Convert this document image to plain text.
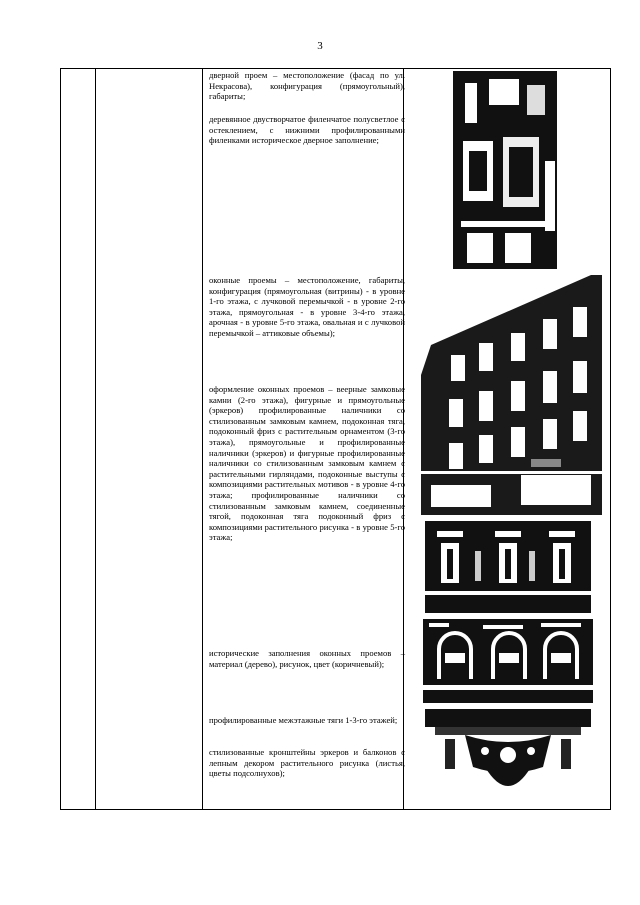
3
дверной проем – местоположение (фасад по ул. Некрасова), конфигурация (прямоугольный), габариты;
деревянное двустворчатое филенчатое полусветлое с остеклением, с нижними профилированными филенками историческое дверное заполнение;
оконные проемы – местоположение, габариты, конфигурация (прямоугольная (витрины) - в уровне 1-го этажа, с лучковой перемычкой - в уровне 2-го этажа, прямоугольная - в уровне 3-4-го этажа, арочная - в уровне 5-го этажа, овальная и с лучковой перемычкой – аттиковые объемы);
оформление оконных проемов – веерные замковые камни (2-го этажа), фигурные и прямоугольные (эркеров) профилированные наличники со стилизованным замковым камнем, подоконная тяга, подоконный фриз с растительным орнаментом (3-го этажа), прямоугольные и профилированные наличники (эркеров) и фигурные профилированные наличники со стилизованным замковым камнем с растительными гирляндами, подоконные выступы с композициями растительных мотивов - в уровне 4-го этажа; профилированные наличники со стилизованным замковым камнем, соединенные тягой, подоконная тяга подоконный фриз с композициями растительного рисунка - в уровне 5-го этажа;
исторические заполнения оконных проемов – материал (дерево), рисунок, цвет (коричневый);
профилированные межэтажные тяги 1-3-го этажей;
стилизованные кронштейны эркеров и балконов с лепным декором растительного рисунка (листья, цветы подсолнухов);
